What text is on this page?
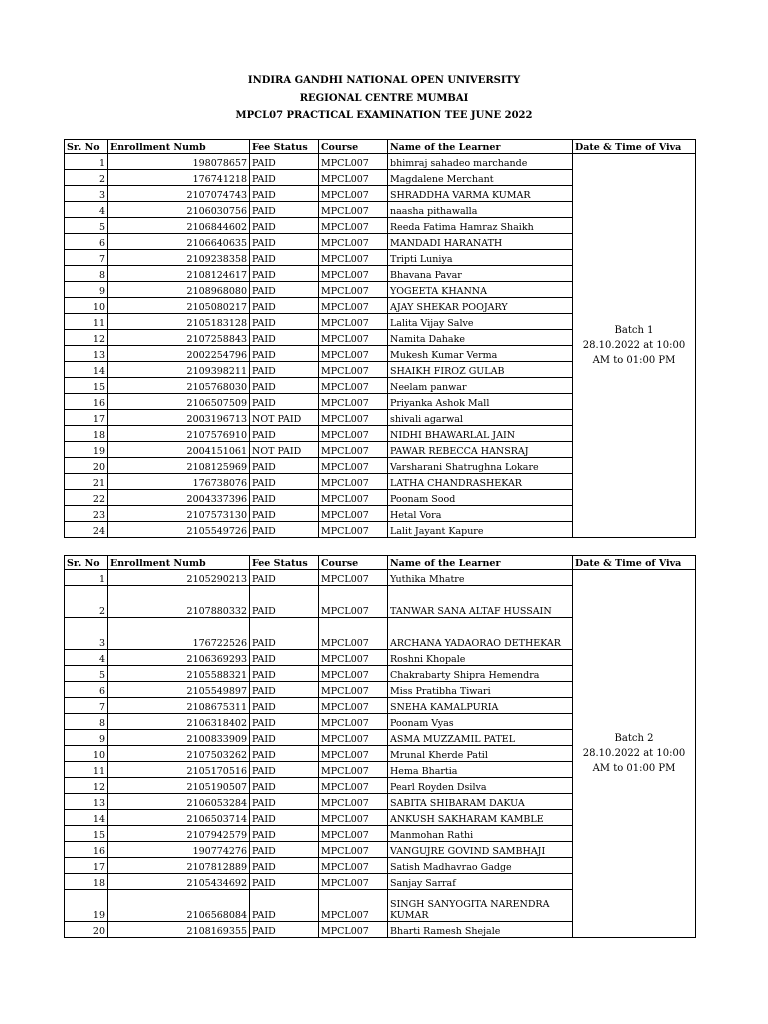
INDIRA GANDHI NATIONAL OPEN UNIVERSITY
REGIONAL CENTRE MUMBAI
MPCL07 PRACTICAL EXAMINATION TEE JUNE 2022
Sr. No	Enrollment Numb	Fee Status	Course	Name of the Learner	Date & Time of Viva
1	198078657	PAID	MPCL007	bhimraj sahadeo marchande	Batch 1
28.10.2022 at 10:00 AM to 01:00 PM

2	176741218	PAID	MPCL007	Magdalene Merchant	
3	2107074743	PAID	MPCL007	SHRADDHA VARMA KUMAR	
4	2106030756	PAID	MPCL007	naasha pithawalla	
5	2106844602	PAID	MPCL007	Reeda Fatima Hamraz Shaikh	
6	2106640635	PAID	MPCL007	MANDADI HARANATH	
7	2109238358	PAID	MPCL007	Tripti Luniya	
8	2108124617	PAID	MPCL007	Bhavana Pavar	
9	2108968080	PAID	MPCL007	YOGEETA KHANNA	
10	2105080217	PAID	MPCL007	AJAY SHEKAR POOJARY	
11	2105183128	PAID	MPCL007	Lalita Vijay Salve	
12	2107258843	PAID	MPCL007	Namita Dahake	
13	2002254796	PAID	MPCL007	Mukesh Kumar Verma	
14	2109398211	PAID	MPCL007	SHAIKH FIROZ GULAB	
15	2105768030	PAID	MPCL007	Neelam panwar	
16	2106507509	PAID	MPCL007	Priyanka Ashok Mall	
17	2003196713	NOT PAID	MPCL007	shivali agarwal	
18	2107576910	PAID	MPCL007	NIDHI BHAWARLAL JAIN	
19	2004151061	NOT PAID	MPCL007	PAWAR REBECCA HANSRAJ	
20	2108125969	PAID	MPCL007	Varsharani Shatrughna Lokare	
21	176738076	PAID	MPCL007	LATHA CHANDRASHEKAR	
22	2004337396	PAID	MPCL007	Poonam Sood	
23	2107573130	PAID	MPCL007	Hetal Vora	
24	2105549726	PAID	MPCL007	Lalit Jayant Kapure	
Sr. No	Enrollment Numb	Fee Status	Course	Name of the Learner	Date & Time of Viva
1	2105290213	PAID	MPCL007	Yuthika Mhatre	Batch 2
28.10.2022 at 10:00 AM to 01:00 PM

2	2107880332	PAID	MPCL007	TANWAR SANA ALTAF HUSSAIN	
3	176722526	PAID	MPCL007	ARCHANA YADAORAO DETHEKAR	
4	2106369293	PAID	MPCL007	Roshni Khopale	
5	2105588321	PAID	MPCL007	Chakrabarty Shipra Hemendra	
6	2105549897	PAID	MPCL007	Miss Pratibha Tiwari	
7	2108675311	PAID	MPCL007	SNEHA KAMALPURIA	
8	2106318402	PAID	MPCL007	Poonam Vyas	
9	2100833909	PAID	MPCL007	ASMA MUZZAMIL PATEL	
10	2107503262	PAID	MPCL007	Mrunal Kherde Patil	
11	2105170516	PAID	MPCL007	Hema Bhartia	
12	2105190507	PAID	MPCL007	Pearl Royden Dsilva	
13	2106053284	PAID	MPCL007	SABITA SHIBARAM DAKUA	
14	2106503714	PAID	MPCL007	ANKUSH SAKHARAM KAMBLE	
15	2107942579	PAID	MPCL007	Manmohan Rathi	
16	190774276	PAID	MPCL007	VANGUJRE GOVIND SAMBHAJI	
17	2107812889	PAID	MPCL007	Satish Madhavrao Gadge	
18	2105434692	PAID	MPCL007	Sanjay Sarraf	
19	2106568084	PAID	MPCL007	SINGH SANYOGITA NARENDRA KUMAR	
20	2108169355	PAID	MPCL007	Bharti Ramesh Shejale	
